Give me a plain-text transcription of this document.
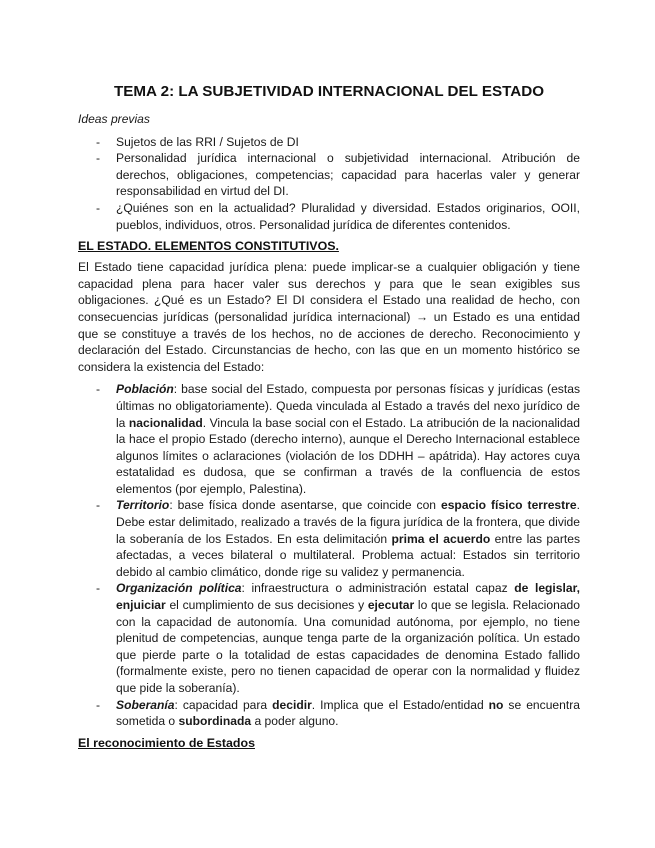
TEMA 2: LA SUBJETIVIDAD INTERNACIONAL DEL ESTADO
Ideas previas
- Sujetos de las RRI / Sujetos de DI
- Personalidad jurídica internacional o subjetividad internacional. Atribución de derechos, obligaciones, competencias; capacidad para hacerlas valer y generar responsabilidad en virtud del DI.
- ¿Quiénes son en la actualidad? Pluralidad y diversidad. Estados originarios, OOII, pueblos, individuos, otros. Personalidad jurídica de diferentes contenidos.
EL ESTADO. ELEMENTOS CONSTITUTIVOS.

El Estado tiene capacidad jurídica plena: puede implicar-se a cualquier obligación y tiene capacidad plena para hacer valer sus derechos y para que le sean exigibles sus obligaciones. ¿Qué es un Estado? El DI considera el Estado una realidad de hecho, con consecuencias jurídicas (personalidad jurídica internacional) → un Estado es una entidad que se constituye a través de los hechos, no de acciones de derecho. Reconocimiento y declaración del Estado. Circunstancias de hecho, con las que en un momento histórico se considera la existencia del Estado:

- Población: base social del Estado, compuesta por personas físicas y jurídicas (estas últimas no obligatoriamente). Queda vinculada al Estado a través del nexo jurídico de la nacionalidad. Vincula la base social con el Estado. La atribución de la nacionalidad la hace el propio Estado (derecho interno), aunque el Derecho Internacional establece algunos límites o aclaraciones (violación de los DDHH – apátrida). Hay actores cuya estatalidad es dudosa, que se confirman a través de la confluencia de estos elementos (por ejemplo, Palestina).
- Territorio: base física donde asentarse, que coincide con espacio físico terrestre. Debe estar delimitado, realizado a través de la figura jurídica de la frontera, que divide la soberanía de los Estados. En esta delimitación prima el acuerdo entre las partes afectadas, a veces bilateral o multilateral. Problema actual: Estados sin territorio debido al cambio climático, donde rige su validez y permanencia.
- Organización política: infraestructura o administración estatal capaz de legislar, enjuiciar el cumplimiento de sus decisiones y ejecutar lo que se legisla. Relacionado con la capacidad de autonomía. Una comunidad autónoma, por ejemplo, no tiene plenitud de competencias, aunque tenga parte de la organización política. Un estado que pierde parte o la totalidad de estas capacidades de denomina Estado fallido (formalmente existe, pero no tienen capacidad de operar con la normalidad y fluidez que pide la soberanía).
- Soberanía: capacidad para decidir. Implica que el Estado/entidad no se encuentra sometida o subordinada a poder alguno.
El reconocimiento de Estados
